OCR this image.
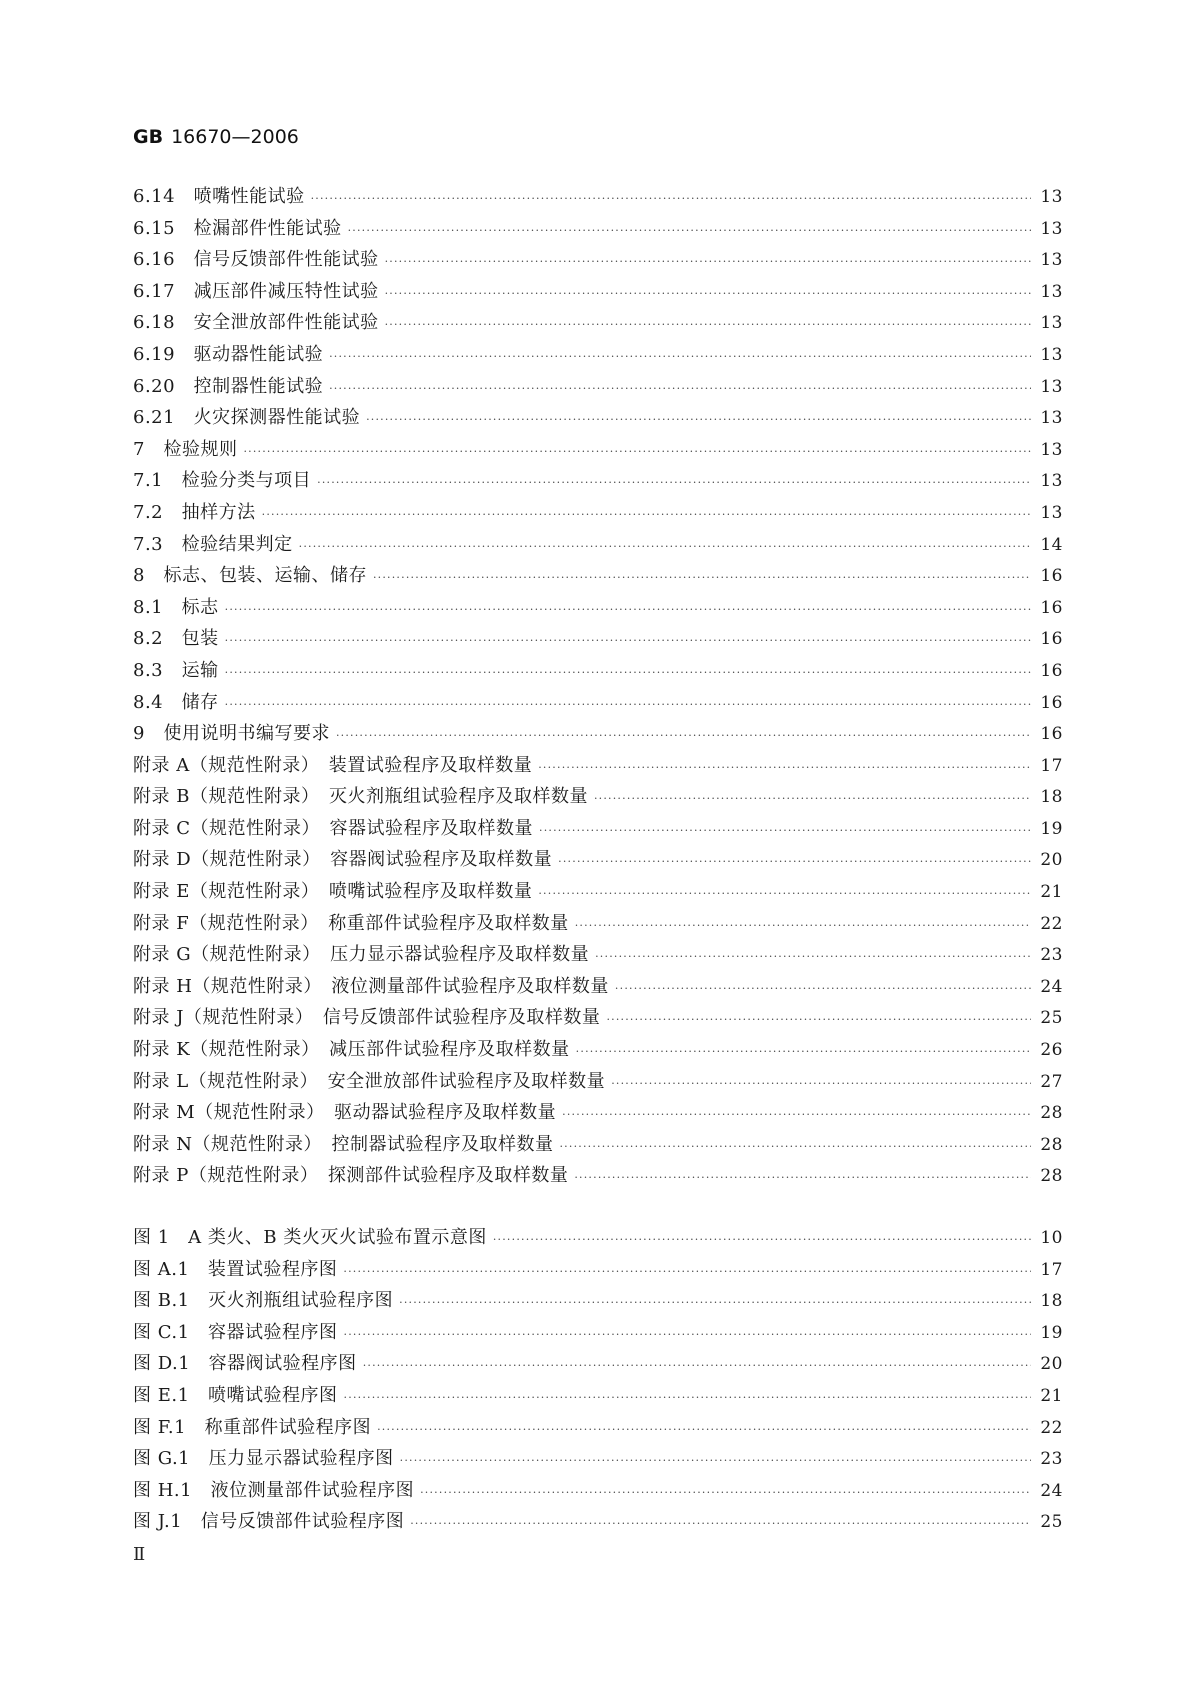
GB 16670—2006
6.14　喷嘴性能试验 ·····	13
6.15　检漏部件性能试验 ·····	13
6.16　信号反馈部件性能试验 ·····	13
6.17　减压部件减压特性试验 ·····	13
6.18　安全泄放部件性能试验 ·····	13
6.19　驱动器性能试验 ·····	13
6.20　控制器性能试验 ·····	13
6.21　火灾探测器性能试验 ·····	13
7　检验规则 ·····	13
7.1　检验分类与项目 ·····	13
7.2　抽样方法 ·····	13
7.3　检验结果判定 ·····	14
8　标志、包装、运输、储存 ·····	16
8.1　标志 ·····	16
8.2　包装 ·····	16
8.3　运输 ·····	16
8.4　储存 ·····	16
9　使用说明书编写要求 ·····	16
附录 A（规范性附录）　装置试验程序及取样数量 ·····	17
附录 B（规范性附录）　灭火剂瓶组试验程序及取样数量 ·····	18
附录 C（规范性附录）　容器试验程序及取样数量 ·····	19
附录 D（规范性附录）　容器阀试验程序及取样数量 ·····	20
附录 E（规范性附录）　喷嘴试验程序及取样数量 ·····	21
附录 F（规范性附录）　称重部件试验程序及取样数量 ·····	22
附录 G（规范性附录）　压力显示器试验程序及取样数量 ·····	23
附录 H（规范性附录）　液位测量部件试验程序及取样数量 ·····	24
附录 J（规范性附录）　信号反馈部件试验程序及取样数量 ·····	25
附录 K（规范性附录）　减压部件试验程序及取样数量 ·····	26
附录 L（规范性附录）　安全泄放部件试验程序及取样数量 ·····	27
附录 M（规范性附录）　驱动器试验程序及取样数量 ·····	28
附录 N（规范性附录）　控制器试验程序及取样数量 ·····	28
附录 P（规范性附录）　探测部件试验程序及取样数量 ·····	28
图 1　A 类火、B 类火灭火试验布置示意图 ·····	10
图 A.1　装置试验程序图 ·····	17
图 B.1　灭火剂瓶组试验程序图 ·····	18
图 C.1　容器试验程序图 ·····	19
图 D.1　容器阀试验程序图 ·····	20
图 E.1　喷嘴试验程序图 ·····	21
图 F.1　称重部件试验程序图 ·····	22
图 G.1　压力显示器试验程序图 ·····	23
图 H.1　液位测量部件试验程序图 ·····	24
图 J.1　信号反馈部件试验程序图 ·····	25
Ⅱ
